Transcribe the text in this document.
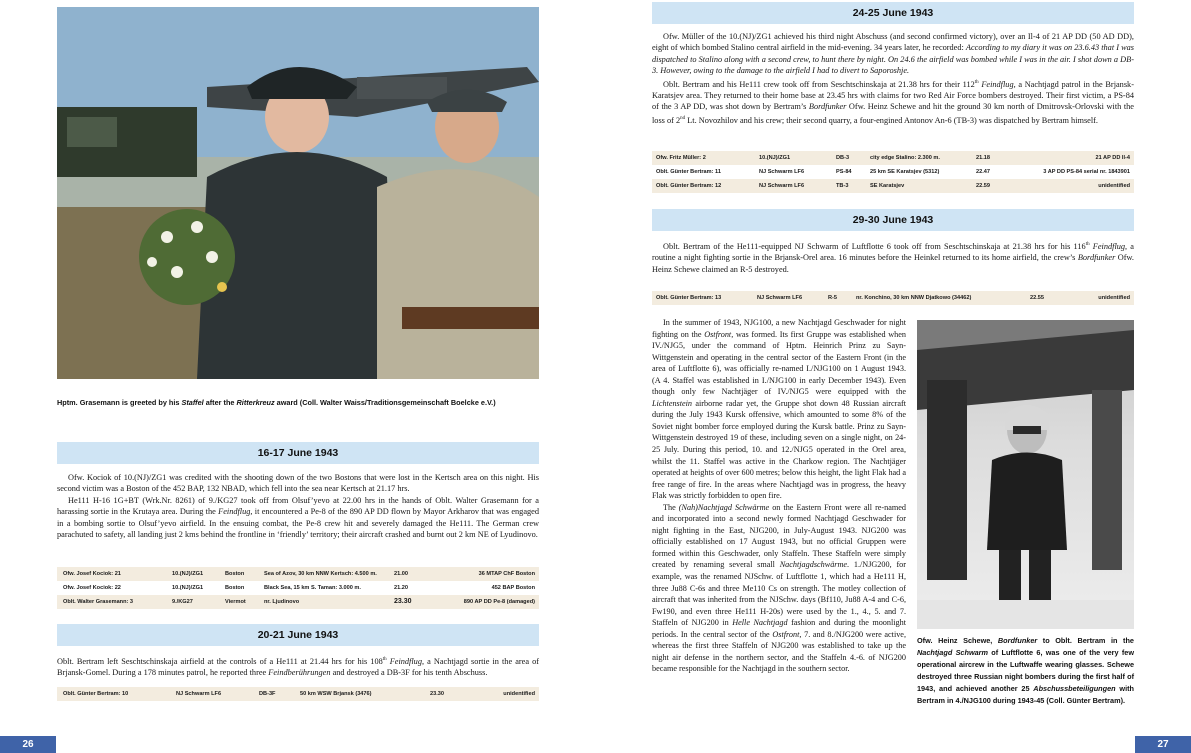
Hptm. Grasemann is greeted by his Staffel after the Ritterkreuz award (Coll. Walter Waiss/Traditionsgemeinschaft Boelcke e.V.)
16-17 June 1943

Ofw. Kociok of 10.(NJ)/ZG1 was credited with the shooting down of the two Bostons that were lost in the Kertsch area on this night. His second victim was a Boston of the 452 BAP, 132 NBAD, which fell into the sea near Kertsch at 21.17 hrs.

He111 H-16 1G+BT (Wrk.Nr. 8261) of 9./KG27 took off from Olsuf’yevo at 22.00 hrs in the hands of Oblt. Walter Grasemann for a harassing sortie in the Krutaya area. During the Feindflug, it encountered a Pe-8 of the 890 AP DD flown by Mayor Arkharov that was engaged in a bombing sortie to Olsuf’yevo airfield. In the ensuing combat, the Pe-8 crew hit and severely damaged the He111. The German crew parachuted to safety, all landing just 2 kms behind the frontline in ‘friendly’ territory; their aircraft crashed and burnt out 2 km NE of Lyudinovo.

Ofw. Josef Kociok: 21	10.(NJ)/ZG1	Boston	Sea of Azov, 30 km NNW Kertsch: 4.500 m.	21.00	36 MTAP ChF Boston
Ofw. Josef Kociok: 22	10.(NJ)/ZG1	Boston	Black Sea, 15 km S. Taman: 3.000 m.	21.20	452 BAP Boston
Oblt. Walter Grasemann: 3	9./KG27	Viermot	nr. Ljudinovo	23.30	890 AP DD Pe-8 (damaged)
20-21 June 1943

Oblt. Bertram left Seschtschinskaja airfield at the controls of a He111 at 21.44 hrs for his 108th Feindflug, a Nachtjagd sortie in the area of Brjansk-Gomel. During a 178 minutes patrol, he reported three Feindberührungen and destroyed a DB-3F for his tenth Abschuss.

Oblt. Günter Bertram: 10	NJ Schwarm LF6	DB-3F	50 km WSW Brjansk (3476)	23.30	unidentified
26
24-25 June 1943

Ofw. Müller of the 10.(NJ)/ZG1 achieved his third night Abschuss (and second confirmed victory), over an Il-4 of 21 AP DD (50 AD DD), eight of which bombed Stalino central airfield in the mid-evening. 34 years later, he recorded: According to my diary it was on 23.6.43 that I was dispatched to Stalino along with a second crew, to hunt there by night. On 24.6 the airfield was bombed while I was in the air. I shot down a DB-3. However, owing to the damage to the airfield I had to divert to Saporoshje.

Oblt. Bertram and his He111 crew took off from Seschtschinskaja at 21.38 hrs for their 112th Feindflug, a Nachtjagd patrol in the Brjansk-Karatsjev area. They returned to their home base at 23.45 hrs with claims for two Red Air Force bombers destroyed. Their first victim, a PS-84 of the 3 AP DD, was shot down by Bertram’s Bordfunker Ofw. Heinz Schewe and hit the ground 30 km north of Dmitrovsk-Orlovski with the loss of 2nd Lt. Novozhilov and his crew; their second quarry, a four-engined Antonov An-6 (TB-3) was dispatched by Bertram himself.

Ofw. Fritz Müller: 2	10.(NJ)/ZG1	DB-3	city edge Stalino: 2.300 m.	21.18	21 AP DD Il-4
Oblt. Günter Bertram: 11	NJ Schwarm LF6	PS-84	25 km SE Karatsjev (5312)	22.47	3 AP DD PS-84 serial nr. 1843901
Oblt. Günter Bertram: 12	NJ Schwarm LF6	TB-3	SE Karatsjev	22.59	unidentified
29-30 June 1943

Oblt. Bertram of the He111-equipped NJ Schwarm of Luftflotte 6 took off from Seschtschinskaja at 21.38 hrs for his 116th Feindflug, a routine a night fighting sortie in the Brjansk-Orel area. 16 minutes before the Heinkel returned to its home airfield, the crew’s Bordfunker Ofw. Heinz Schewe claimed an R-5 destroyed.

Oblt. Günter Bertram: 13	NJ Schwarm LF6	R-5	nr. Konchino, 30 km NNW Djatkowo (34462)	22.55	unidentified

In the summer of 1943, NJG100, a new Nachtjagd Geschwader for night fighting on the Ostfront, was formed. Its first Gruppe was established when IV./NJG5, under the command of Hptm. Heinrich Prinz zu Sayn-Wittgenstein and operating in the central sector of the Eastern Front (in the area of Luftflotte 6), was officially re-named I./NJG100 on 1 August 1943. (A 4. Staffel was established in I./NJG100 in early December 1943). Even though only few Nachtjäger of IV./NJG5 were equipped with the Lichtenstein airborne radar yet, the Gruppe shot down 48 Russian aircraft during the July 1943 Kursk offensive, which amounted to some 8% of the Soviet night bomber force employed during the Kursk battle. Prinz zu Sayn-Wittgenstein destroyed 19 of these, including seven on a single night, on 24-25 July. During this period, 10. and 12./NJG5 operated in the Orel area, whilst the 11. Staffel was active in the Charkow region. The Nachtjäger operated at heights of over 600 metres; below this height, the light Flak had a free range of fire. In the areas where Nachtjagd was in progress, the heavy Flak was strictly forbidden to open fire.

The (Nah)Nachtjagd Schwärme on the Eastern Front were all re-named and incorporated into a second newly formed Nachtjagd Geschwader for night fighting in the East, NJG200, in July-August 1943. NJG200 was officially established on 17 August 1943, but no official Gruppen were formed within this Geschwader, only Staffeln. These Staffeln were simply created by renaming several small Nachtjagdschwärme. 1./NJG200, for example, was the renamed NJSchw. of Luftflotte 1, which had a He111 H, three Ju88 C-6s and three Me110 Cs on strength. The motley collection of aircraft that was inherited from the NJSchw. days (Bf110, Ju88 A-4 and C-6, Fw190, and even three He111 H-20s) were used by the 1., 4., 5. and 7. Staffeln of NJG200 in Helle Nachtjagd fashion and during the moonlight periods. In the central sector of the Ostfront, 7. and 8./NJG200 were active, whereas the first three Staffeln of NJG200 was established to take up the night air defense in the northern sector, and the Staffeln 4.-6. of NJG200 became responsible for the Nachtjagd in the southern sector.

Ofw. Heinz Schewe, Bordfunker to Oblt. Bertram in the Nachtjagd Schwarm of Luftflotte 6, was one of the very few operational aircrew in the Luftwaffe wearing glasses. Schewe destroyed three Russian night bombers during the first half of 1943, and achieved another 25 Abschussbeteiligungen with Bertram in 4./NJG100 during 1943-45 (Coll. Günter Bertram).
27
